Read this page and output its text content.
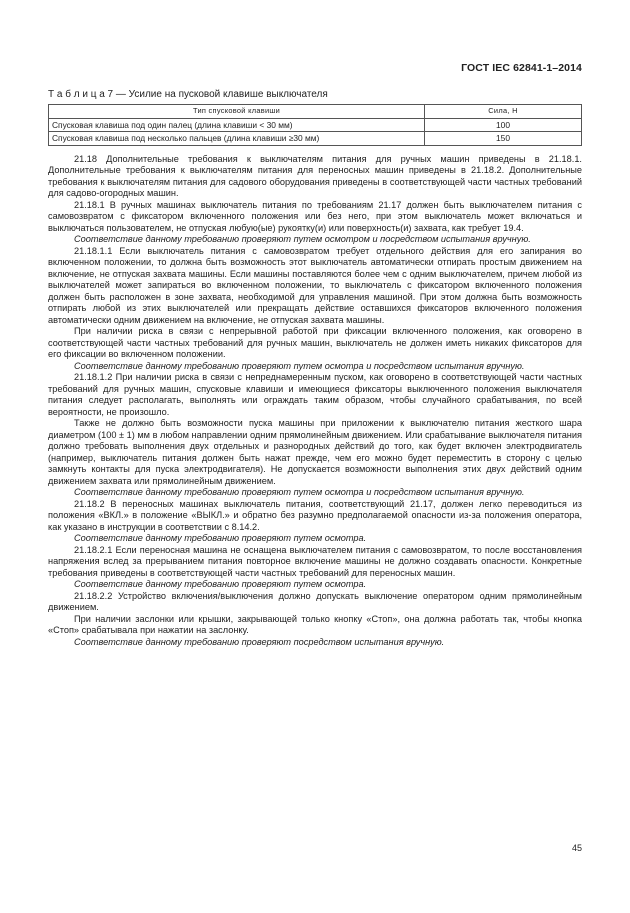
ГОСТ IEC 62841-1–2014
Т а б л и ц а 7 — Усилие на пусковой клавише выключателя
Тип спусковой клавиши	Сила, Н
Спусковая клавиша под один палец (длина клавиши < 30 мм)	100
Спусковая клавиша под несколько пальцев (длина клавиши ≥30 мм)	150

21.18 Дополнительные требования к выключателям питания для ручных машин приведены в 21.18.1. Дополнительные требования к выключателям питания для переносных машин приведены в 21.18.2. Дополнительные требования к выключателям питания для садового оборудования приведены в соответствующей части частных требований для садово-огородных машин.

21.18.1 В ручных машинах выключатель питания по требованиям 21.17 должен быть выключателем питания с самовозвратом с фиксатором включенного положения или без него, при этом выключатель может включаться и выключаться пользователем, не отпуская любую(ые) рукоятку(и) или поверхность(и) захвата, как требует 19.4.

Соответствие данному требованию проверяют путем осмотром и посредством испытания вручную.

21.18.1.1 Если выключатель питания с самовозвратом требует отдельного действия для его запирания во включенном положении, то должна быть возможность этот выключатель автоматически отпирать простым движением на включение, не отпуская захвата машины. Если машины поставляются более чем с одним выключателем, причем любой из выключателей может запираться во включенном положении, то выключатель с фиксатором включенного положения должен быть расположен в зоне захвата, необходимой для управления машиной. При этом должна быть возможность отпирать любой из этих выключателей или прекращать действие оставшихся фиксаторов включенного положения автоматически одним движением на включение, не отпуская захвата машины.

При наличии риска в связи с непрерывной работой при фиксации включенного положения, как оговорено в соответствующей части частных требований для ручных машин, выключатель не должен иметь никаких фиксаторов для его фиксации во включенном положении.

Соответствие данному требованию проверяют путем осмотра и посредством испытания вручную.

21.18.1.2 При наличии риска в связи с непреднамеренным пуском, как оговорено в соответствующей части частных требований для ручных машин, спусковые клавиши и имеющиеся фиксаторы выключенного положения выключателя питания следует располагать, выполнять или ограждать таким образом, чтобы случайного срабатывания, по всей вероятности, не произошло.

Также не должно быть возможности пуска машины при приложении к выключателю питания жесткого шара диаметром (100 ± 1) мм в любом направлении одним прямолинейным движением. Или срабатывание выключателя питания должно требовать выполнения двух отдельных и разнородных действий до того, как будет включен электродвигатель (например, выключатель питания должен быть нажат прежде, чем его можно будет переместить в сторону с целью замкнуть контакты для пуска электродвигателя). Не допускается возможности выполнения этих двух действий одним движением захвата или прямолинейным движением.

Соответствие данному требованию проверяют путем осмотра и посредством испытания вручную.

21.18.2 В переносных машинах выключатель питания, соответствующий 21.17, должен легко переводиться из положения «ВКЛ.» в положение «ВЫКЛ.» и обратно без разумно предполагаемой опасности из-за положения оператора, как указано в инструкции в соответствии с 8.14.2.

Соответствие данному требованию проверяют путем осмотра.

21.18.2.1 Если переносная машина не оснащена выключателем питания с самовозвратом, то после восстановления напряжения вслед за прерыванием питания повторное включение машины не должно создавать опасности. Конкретные требования приведены в соответствующей части частных требований для переносных машин.

Соответствие данному требованию проверяют путем осмотра.

21.18.2.2 Устройство включения/выключения должно допускать выключение оператором одним прямолинейным движением.

При наличии заслонки или крышки, закрывающей только кнопку «Стоп», она должна работать так, чтобы кнопка «Стоп» срабатывала при нажатии на заслонку.

Соответствие данному требованию проверяют посредством испытания вручную.

45
